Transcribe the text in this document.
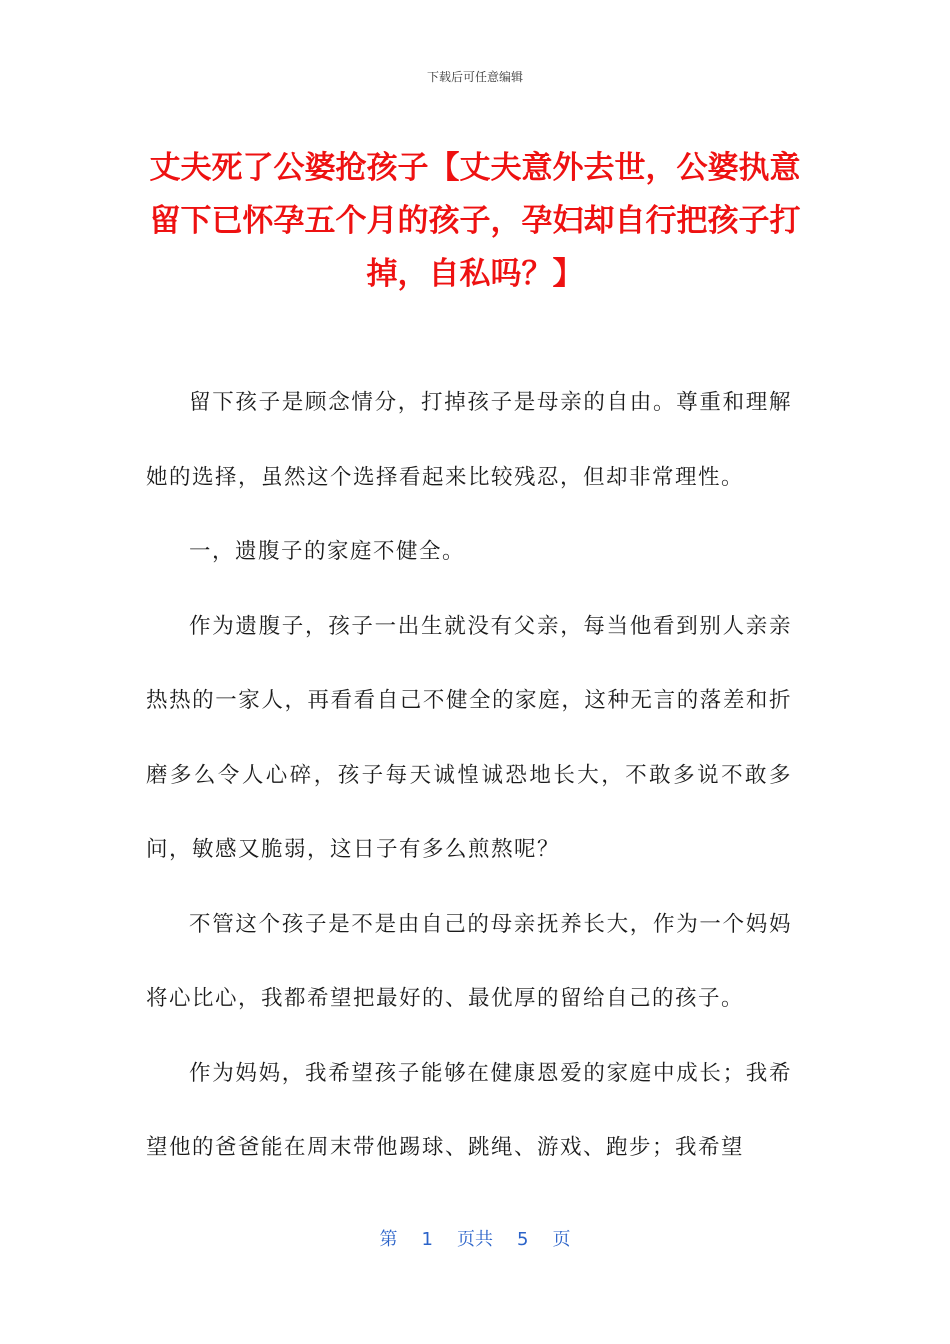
下载后可任意编辑
丈夫死了公婆抢孩子【丈夫意外去世，公婆执意留下已怀孕五个月的孩子，孕妇却自行把孩子打掉，自私吗？】

留下孩子是顾念情分，打掉孩子是母亲的自由。尊重和理解她的选择，虽然这个选择看起来比较残忍，但却非常理性。

一，遗腹子的家庭不健全。

作为遗腹子，孩子一出生就没有父亲，每当他看到别人亲亲热热的一家人，再看看自己不健全的家庭，这种无言的落差和折磨多么令人心碎，孩子每天诚惶诚恐地长大，不敢多说不敢多问，敏感又脆弱，这日子有多么煎熬呢？

不管这个孩子是不是由自己的母亲抚养长大，作为一个妈妈将心比心，我都希望把最好的、最优厚的留给自己的孩子。

作为妈妈，我希望孩子能够在健康恩爱的家庭中成长；我希望他的爸爸能在周末带他踢球、跳绳、游戏、跑步；我希望

第 1 页共 5 页
